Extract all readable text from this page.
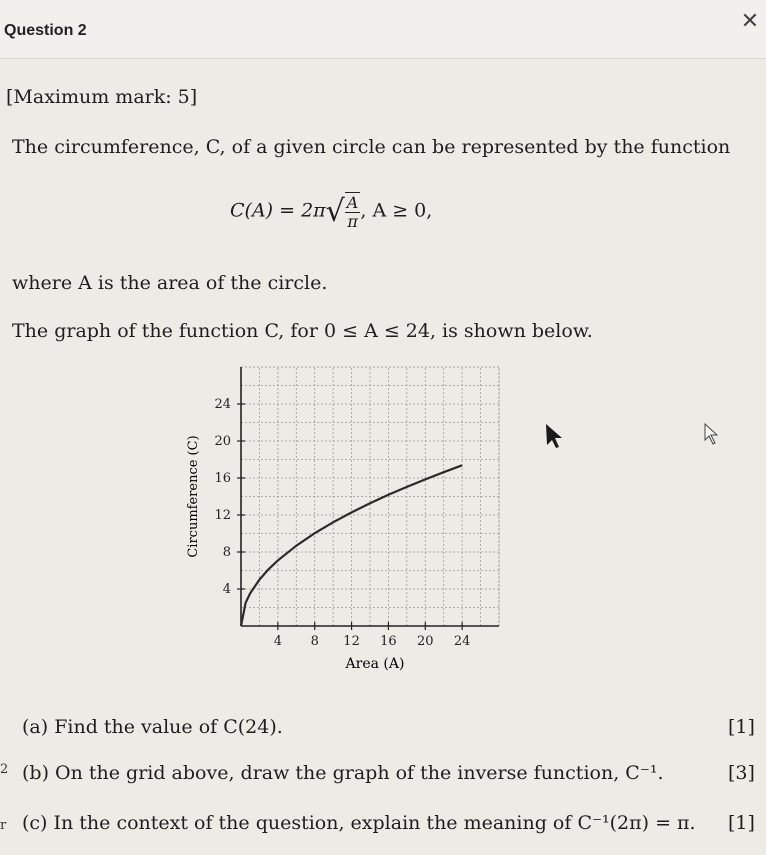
Question 2	✕
[Maximum mark: 5]
The circumference, C, of a given circle can be represented by the function
$C(A) = 2\pi√ \frac{A}{\pi}$ , A ≥ 0,
where A is the area of the circle.
The graph of the function C, for 0 ≤ A ≤ 24, is shown below.
4 8 12 16 20 24
4
8
12
16
20
24
Area (A)
Circumference (C)
(a) Find the value of C(24).	[1]
(b) On the grid above, draw the graph of the inverse function, C⁻¹.	[3]
(c) In the context of the question, explain the meaning of C⁻¹(2π) = π. [1]
2
r
